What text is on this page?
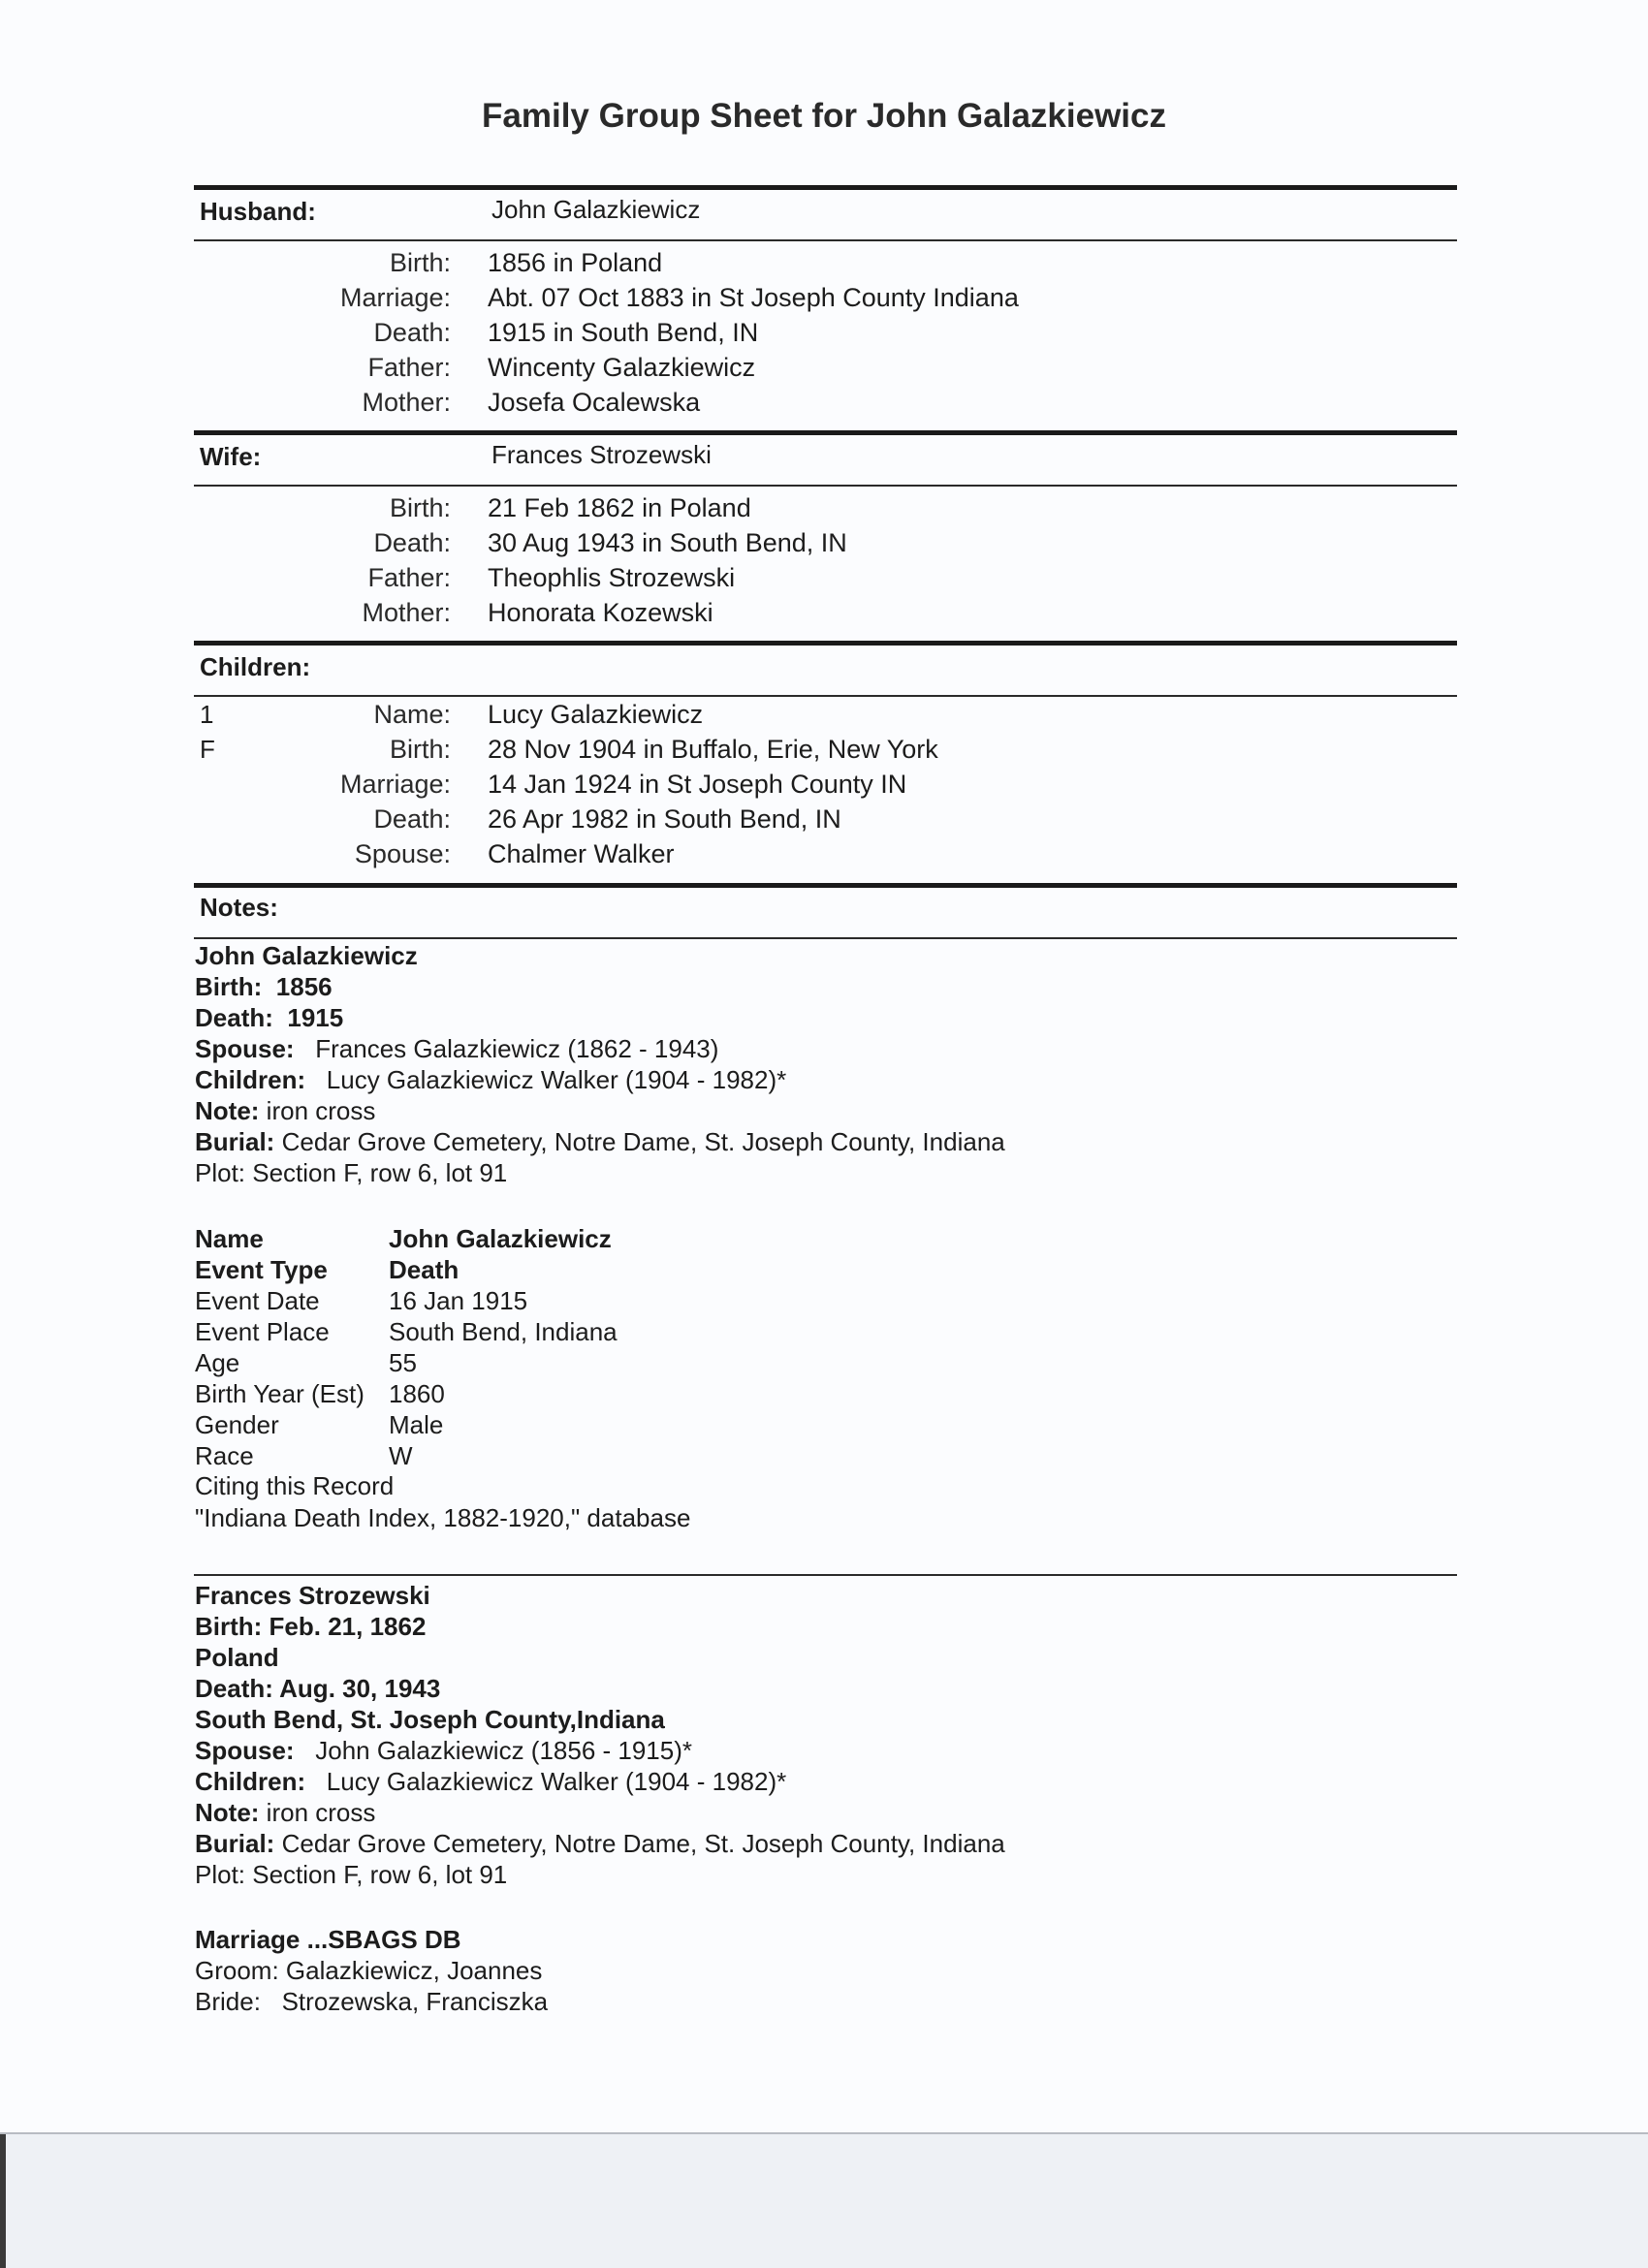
Family Group Sheet for John Galazkiewicz
Husband:	John Galazkiewicz
Birth: 1856 in Poland
Marriage: Abt. 07 Oct 1883 in St Joseph County Indiana
Death: 1915 in South Bend, IN
Father: Wincenty Galazkiewicz
Mother: Josefa Ocalewska
Wife:	Frances Strozewski
Birth: 21 Feb 1862 in Poland
Death: 30 Aug 1943 in South Bend, IN
Father: Theophlis Strozewski
Mother: Honorata Kozewski
Children:
1
F
Name: Lucy Galazkiewicz
Birth: 28 Nov 1904 in Buffalo, Erie, New York
Marriage: 14 Jan 1924 in St Joseph County IN
Death: 26 Apr 1982 in South Bend, IN
Spouse: Chalmer Walker
Notes:
John Galazkiewicz
Birth: 1856
Death: 1915
Spouse: Frances Galazkiewicz (1862 - 1943)
Children: Lucy Galazkiewicz Walker (1904 - 1982)*
Note: iron cross
Burial: Cedar Grove Cemetery, Notre Dame, St. Joseph County, Indiana
Plot: Section F, row 6, lot 91
Name	John Galazkiewicz
Event Type Death
Event Date	16 Jan 1915
Event Place South Bend, Indiana
Age	55
Birth Year (Est) 1860
Gender	Male
Race	W
Citing this Record
"Indiana Death Index, 1882-1920," database
Frances Strozewski
Birth: Feb. 21, 1862
Poland
Death: Aug. 30, 1943
South Bend, St. Joseph County,Indiana
Spouse: John Galazkiewicz (1856 - 1915)*
Children: Lucy Galazkiewicz Walker (1904 - 1982)*
Note: iron cross
Burial: Cedar Grove Cemetery, Notre Dame, St. Joseph County, Indiana
Plot: Section F, row 6, lot 91
Marriage ...SBAGS DB
Groom: Galazkiewicz, Joannes
Bride: Strozewska, Franciszka
